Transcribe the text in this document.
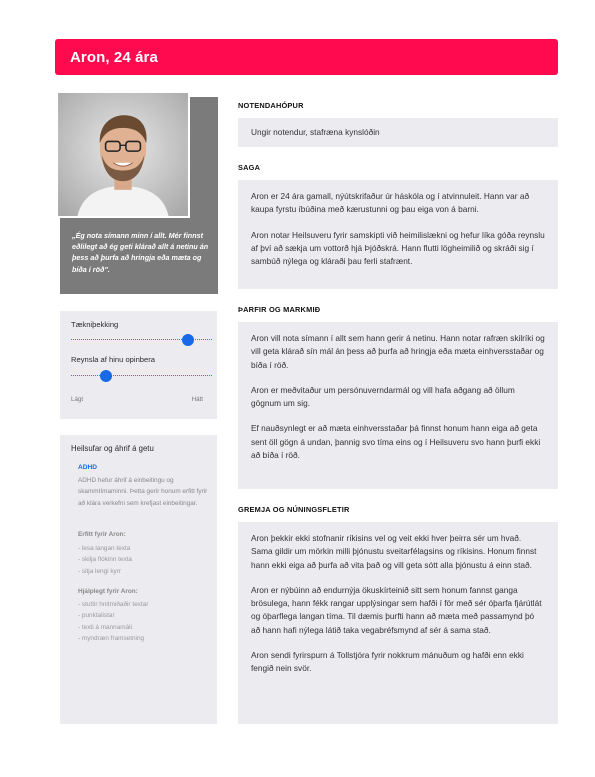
Aron, 24 ára
„Ég nota símann minn í allt. Mér finnst eðlilegt að ég geti klárað allt á netinu án þess að þurfa að hringja eða mæta og bíða í röð".
Tækniþekking
Reynsla af hinu opinbera
Lágt	Hátt
Heilsufar og áhrif á getu
ADHD
ADHD hefur áhrif á einbeitingu og skammtímaminni. Þetta gerir honum erfitt fyrir að klára verkefni sem krefjast einbeitingar.
Erfitt fyrir Aron:
- lesa langan texta
- skilja flókinn texta
- sitja lengi kyrr
Hjálplegt fyrir Aron:
- stuttir hnitmiðaðir textar
- punktalistar
- texti á mannamáli
- myndræn framsetning
NOTENDAHÓPUR

Ungir notendur, stafræna kynslóðin

SAGA

Aron er 24 ára gamall, nýútskrifaður úr háskóla og í atvinnuleit. Hann var að kaupa fyrstu íbúðina með kærustunni og þau eiga von á barni.

Aron notar Heilsuveru fyrir samskipti við heimilislækni og hefur líka góða reynslu af því að sækja um vottorð hjá Þjóðskrá. Hann flutti lögheimilið og skráði sig í sambúð nýlega og kláraði þau ferli stafrænt.

ÞARFIR OG MARKMIÐ

Aron vill nota símann í allt sem hann gerir á netinu. Hann notar rafræn skilríki og vill geta klárað sín mál án þess að þurfa að hringja eða mæta einhversstaðar og bíða í röð.

Aron er meðvitaður um persónuverndarmál og vill hafa aðgang að öllum gögnum um sig.

Ef nauðsynlegt er að mæta einhversstaðar þá finnst honum hann eiga að geta sent öll gögn á undan, þannig svo tíma eins og í Heilsuveru svo hann þurfi ekki að bíða í röð.

GREMJA OG NÚNINGSFLETIR

Aron þekkir ekki stofnanir ríkisins vel og veit ekki hver þeirra sér um hvað. Sama gildir um mörkin milli þjónustu sveitarfélagsins og ríkisins. Honum finnst hann ekki eiga að þurfa að vita það og vill geta sótt alla þjónustu á einn stað.

Aron er nýbúinn að endurnýja ökuskírteinið sitt sem honum fannst ganga brösulega, hann fékk rangar upplýsingar sem hafði í för með sér óþarfa fjárútlát og óþarflega langan tíma. Til dæmis þurfti hann að mæta með passamynd þó að hann hafi nýlega látið taka vegabréfsmynd af sér á sama stað.

Aron sendi fyrirspurn á Tollstjóra fyrir nokkrum mánuðum og hafði enn ekki fengið nein svör.
